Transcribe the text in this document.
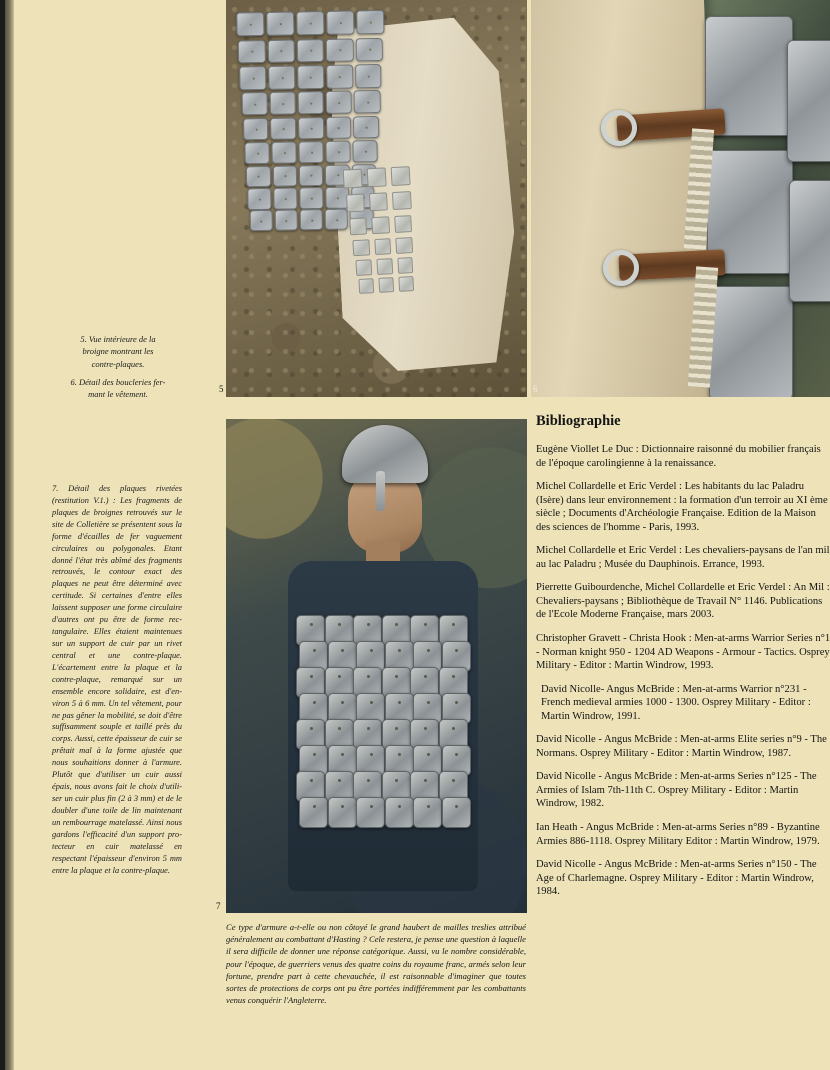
5. Vue intérieure de la
broigne montrant les
contre-plaques.
6. Détail des boucleries fer-
mant le vêtement.
7. Détail des plaques rivetées (restitution V.1.) : Les fragments de plaques de broignes retrouvés sur le site de Colletière se présentent sous la forme d'écailles de fer vaguement circulaires ou polygonales. Etant donné l'état très abîmé des fragments retrouvés, le contour exact des plaques ne peut être déterminé avec certitude. Si certaines d'entre elles laissent supposer une forme circulaire d'autres ont pu être de forme rectangulaire. Elles étaient maintenues sur un support de cuir par un rivet central et une contre-plaque. L'écartement entre la plaque et la contre-plaque, remarqué sur un ensemble encore solidaire, est d'environ 5 à 6 mm. Un tel vêtement, pour ne pas gêner la mobilité, se doit d'être suffisamment souple et taillé près du corps. Aussi, cette épaisseur de cuir se prêtait mal à la forme ajustée que nous souhaitions donner à l'armure. Plutôt que d'utiliser un cuir aussi épais, nous avons fait le choix d'utiliser un cuir plus fin (2 à 3 mm) et de le doubler d'une toile de lin maintenant un rembourrage matelassé. Ainsi nous gardons l'efficacité d'un support protecteur en cuir matelassé en respectant l'épaisseur d'environ 5 mm entre la plaque et la contre-plaque.
5	6
7
Ce type d'armure a-t-elle ou non côtoyé le grand haubert de mailles treslies attribué généralement au combattant d'Hasting ? Cele restera, je pense une question à laquelle il sera difficile de donner une réponse catégorique. Aussi, vu le nombre considérable, pour l'époque, de guerriers venus des quatre coins du royaume franc, armés selon leur fortune, prendre part à cette chevauchée, il est raisonnable d'imaginer que toutes sortes de protections de corps ont pu être portées indifféremment par les combattants venus conquérir l'Angleterre.
Bibliographie

Eugène Viollet Le Duc : Dictionnaire raisonné du mobilier français de l'époque carolingienne à la renaissance.

Michel Collardelle et Eric Verdel : Les habitants du lac Paladru (Isère) dans leur environnement : la formation d'un terroir au XI ème siècle ; Documents d'Archéologie Française. Edition de la Maison des sciences de l'homme - Paris, 1993.

Michel Collardelle et Eric Verdel : Les chevaliers-paysans de l'an mil au lac Paladru ; Musée du Dauphinois. Errance, 1993.

Pierrette Guibourdenche, Michel Collardelle et Eric Verdel : An Mil : Chevaliers-paysans ; Bibliothèque de Travail N° 1146. Publications de l'Ecole Moderne Française, mars 2003.

Christopher Gravett - Christa Hook : Men-at-arms Warrior Series n°1 - Norman knight 950 - 1204 AD Weapons - Armour - Tactics. Osprey Military - Editor : Martin Windrow, 1993.

David Nicolle- Angus McBride : Men-at-arms Warrior n°231 - French medieval armies 1000 - 1300. Osprey Military - Editor : Martin Windrow, 1991.

David Nicolle - Angus McBride : Men-at-arms Elite series n°9 - The Normans. Osprey Military - Editor : Martin Windrow, 1987.

David Nicolle - Angus McBride : Men-at-arms Series n°125 - The Armies of Islam 7th-11th C. Osprey Military - Editor : Martin Windrow, 1982.

Ian Heath - Angus McBride : Men-at-arms Series n°89 - Byzantine Armies 886-1118. Osprey Military Editor : Martin Windrow, 1979.

David Nicolle - Angus McBride : Men-at-arms Series n°150 - The Age of Charlemagne. Osprey Military - Editor : Martin Windrow, 1984.
